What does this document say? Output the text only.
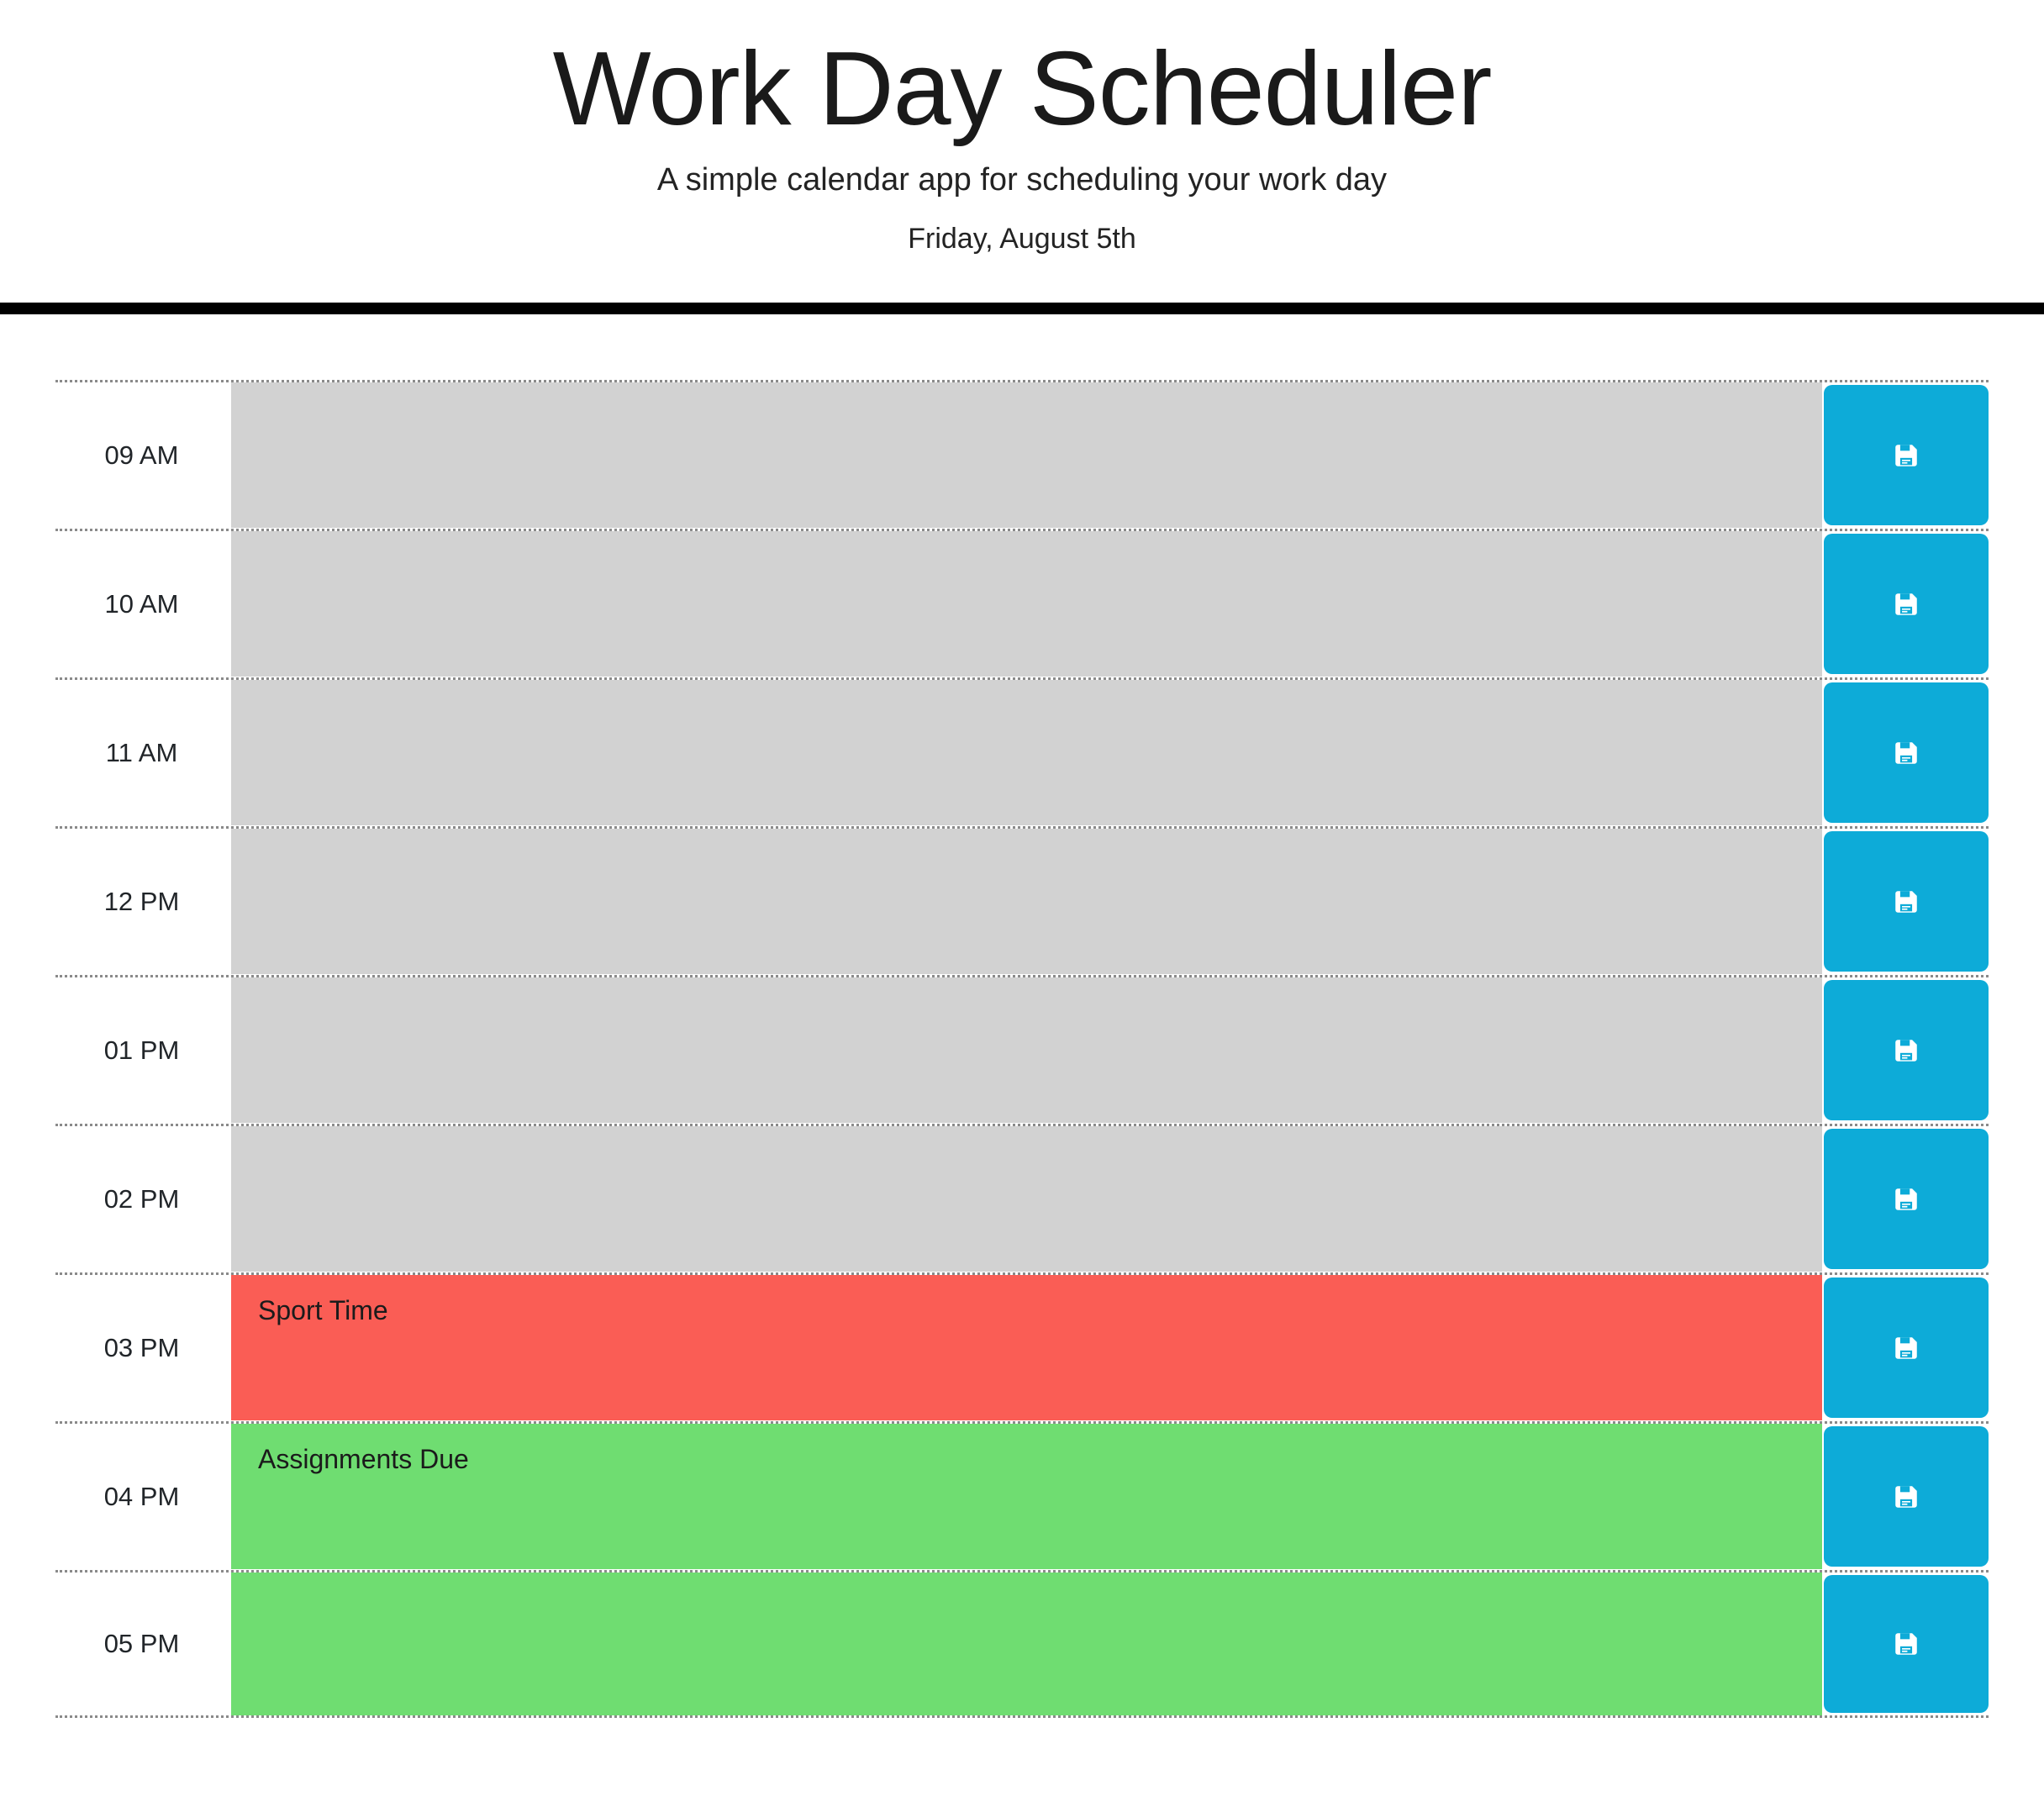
Work Day Scheduler

A simple calendar app for scheduling your work day

Friday, August 5th

09 AM
10 AM
11 AM
12 PM
01 PM
02 PM
03 PM
Sport Time
04 PM
Assignments Due
05 PM
